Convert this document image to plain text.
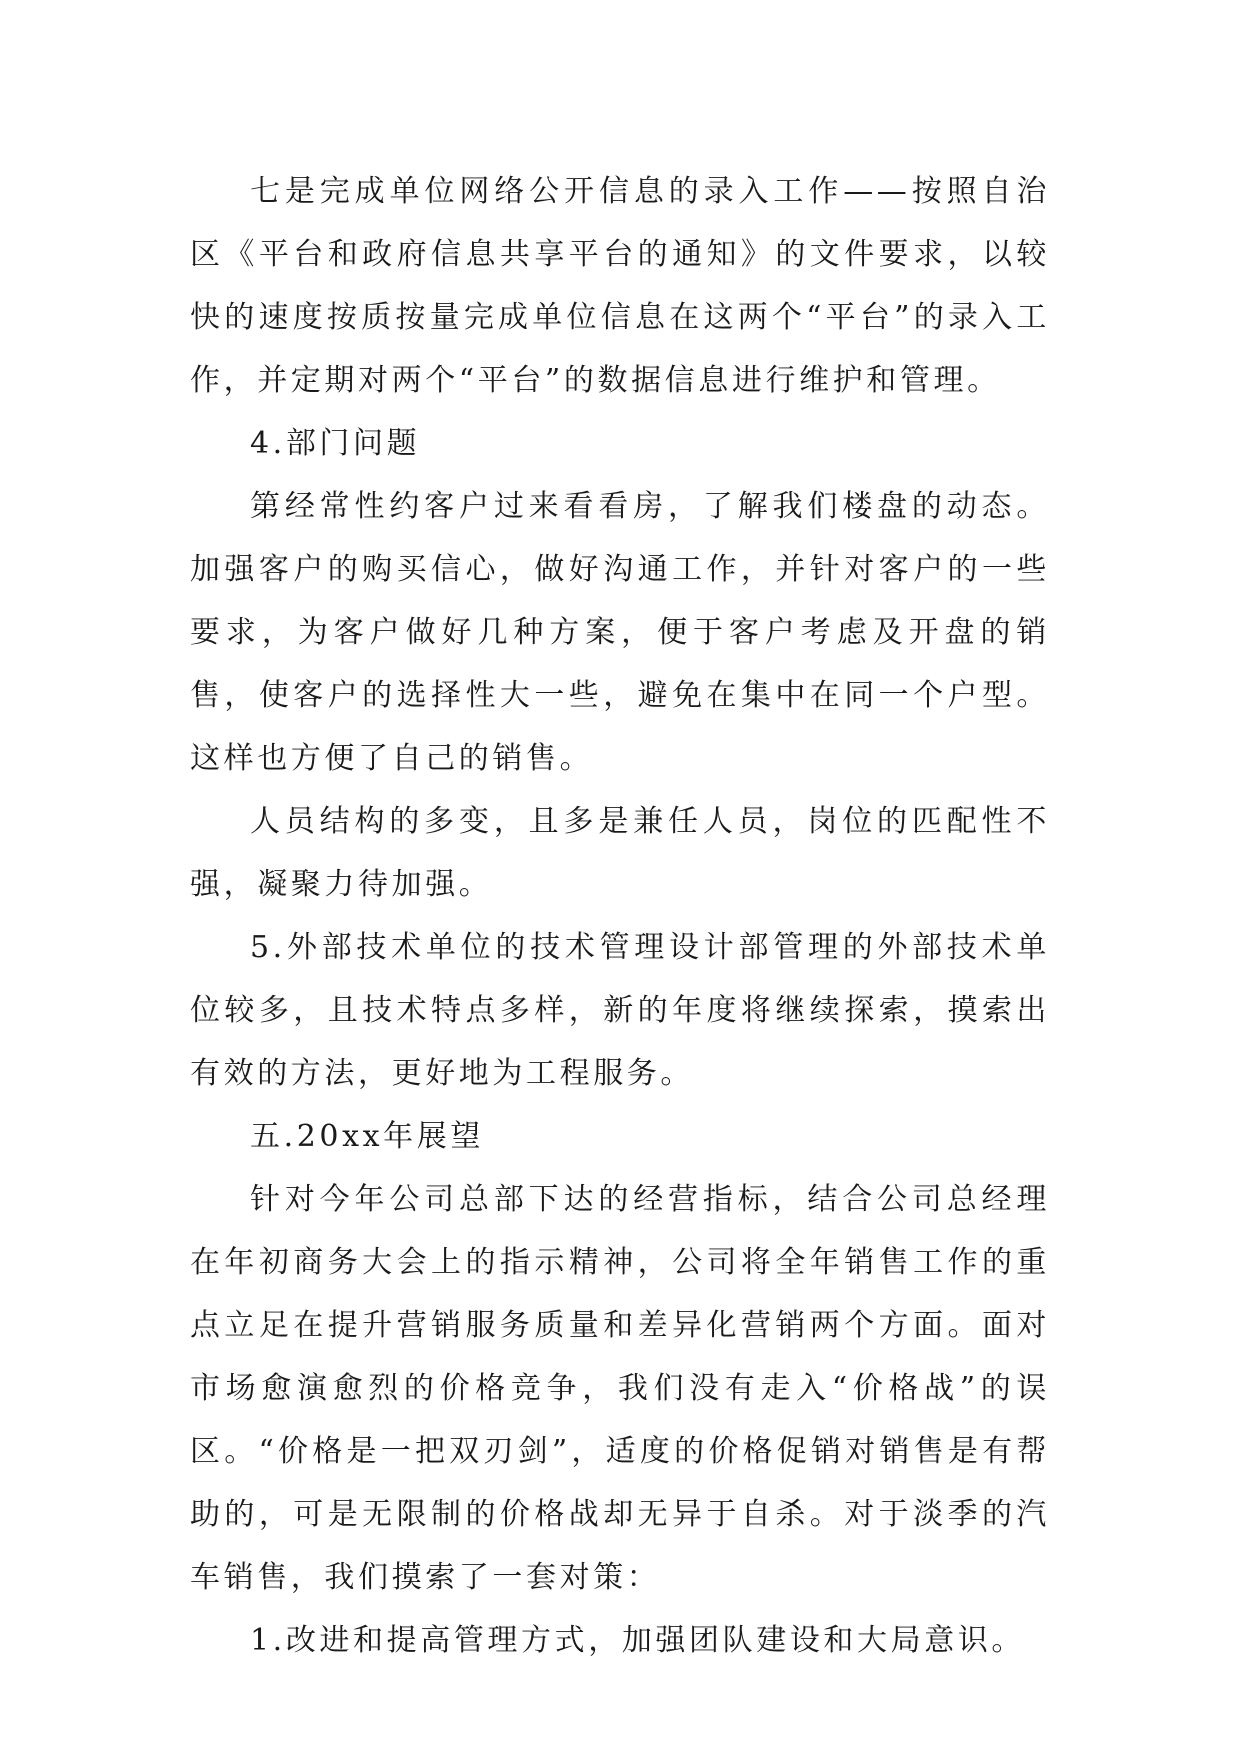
七是完成单位网络公开信息的录入工作——按照自治区《平台和政府信息共享平台的通知》的文件要求，以较快的速度按质按量完成单位信息在这两个“平台”的录入工作，并定期对两个“平台”的数据信息进行维护和管理。

4.部门问题

第经常性约客户过来看看房，了解我们楼盘的动态。加强客户的购买信心，做好沟通工作，并针对客户的一些要求，为客户做好几种方案，便于客户考虑及开盘的销售，使客户的选择性大一些，避免在集中在同一个户型。这样也方便了自己的销售。

人员结构的多变，且多是兼任人员，岗位的匹配性不强，凝聚力待加强。

5.外部技术单位的技术管理设计部管理的外部技术单位较多，且技术特点多样，新的年度将继续探索，摸索出有效的方法，更好地为工程服务。

五.20xx年展望

针对今年公司总部下达的经营指标，结合公司总经理在年初商务大会上的指示精神，公司将全年销售工作的重点立足在提升营销服务质量和差异化营销两个方面。面对市场愈演愈烈的价格竞争，我们没有走入“价格战”的误区。“价格是一把双刃剑”，适度的价格促销对销售是有帮助的，可是无限制的价格战却无异于自杀。对于淡季的汽车销售，我们摸索了一套对策：

1.改进和提高管理方式，加强团队建设和大局意识。
